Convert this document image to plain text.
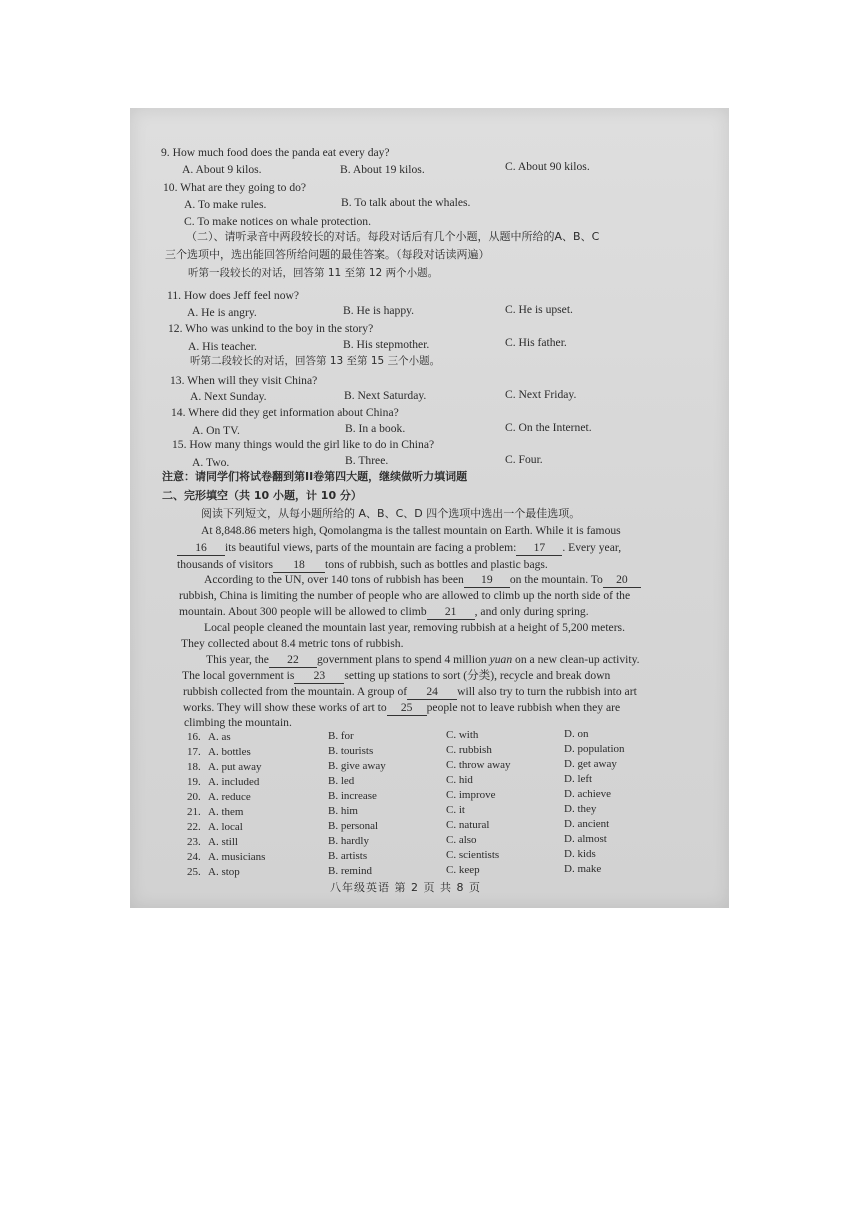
9. How much food does the panda eat every day?
A. About 9 kilos.	B. About 19 kilos.	C. About 90 kilos.
10. What are they going to do?
A. To make rules.	B. To talk about the whales.
C. To make notices on whale protection.
（二）、请听录音中两段较长的对话。每段对话后有几个小题，从题中所给的A、B、C
三个选项中，选出能回答所给问题的最佳答案。（每段对话读两遍）
听第一段较长的对话，回答第 11 至第 12 两个小题。
11. How does Jeff feel now?
A. He is angry.	B. He is happy.	C. He is upset.
12. Who was unkind to the boy in the story?
A. His teacher.	B. His stepmother.	C. His father.
听第二段较长的对话，回答第 13 至第 15 三个小题。
13. When will they visit China?
A. Next Sunday.	B. Next Saturday.	C. Next Friday.
14. Where did they get information about China?
A. On TV.	B. In a book.	C. On the Internet.
15. How many things would the girl like to do in China?
A. Two.	B. Three.	C. Four.
注意：请同学们将试卷翻到第II卷第四大题，继续做听力填词题
二、完形填空（共 10 小题，计 10 分）
阅读下列短文，从每小题所给的 A、B、C、D 四个选项中选出一个最佳选项。
At 8,848.86 meters high, Qomolangma is the tallest mountain on Earth. While it is famous
16 its beautiful views, parts of the mountain are facing a problem: 17 . Every year,
thousands of visitors 18 tons of rubbish, such as bottles and plastic bags.
According to the UN, over 140 tons of rubbish has been 19 on the mountain. To 20
rubbish, China is limiting the number of people who are allowed to climb up the north side of the
mountain. About 300 people will be allowed to climb 21 , and only during spring.
Local people cleaned the mountain last year, removing rubbish at a height of 5,200 meters.
They collected about 8.4 metric tons of rubbish.
This year, the 22 government plans to spend 4 million yuan on a new clean-up activity.
The local government is 23 setting up stations to sort (分类), recycle and break down
rubbish collected from the mountain. A group of 24 will also try to turn the rubbish into art
works. They will show these works of art to 25 people not to leave rubbish when they are
climbing the mountain.
16. A. as	B. for	C. with	D. on
17. A. bottles	B. tourists	C. rubbish	D. population
18. A. put away	B. give away	C. throw away	D. get away
19. A. included	B. led	C. hid	D. left
20. A. reduce	B. increase	C. improve	D. achieve
21. A. them	B. him	C. it	D. they
22. A. local	B. personal	C. natural	D. ancient
23. A. still	B. hardly	C. also	D. almost
24. A. musicians	B. artists	C. scientists	D. kids
25. A. stop	B. remind	C. keep	D. make
八年级英语 第 2 页 共 8 页
